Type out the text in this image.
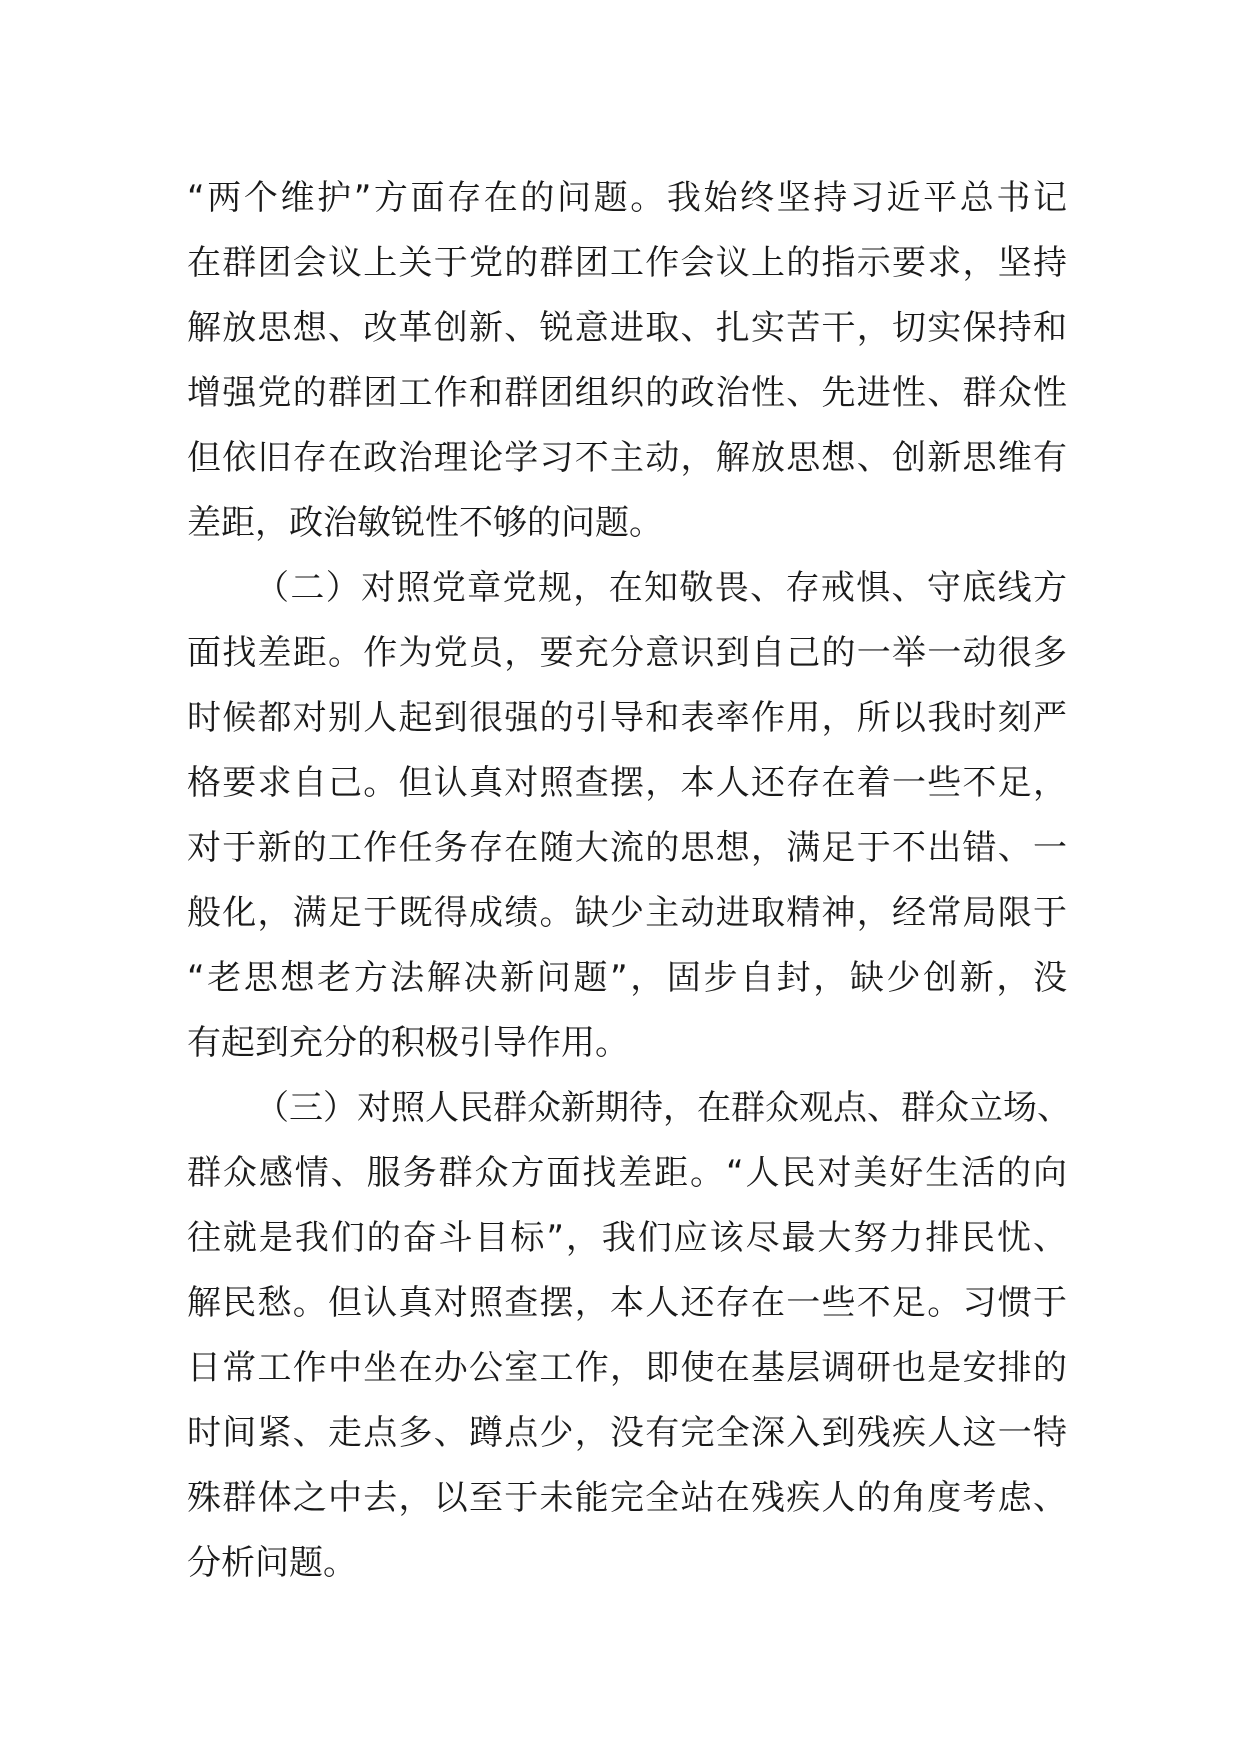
“两个维护”方面存在的问题。我始终坚持习近平总书记
在群团会议上关于党的群团工作会议上的指示要求，坚持
解放思想、改革创新、锐意进取、扎实苦干，切实保持和
增强党的群团工作和群团组织的政治性、先进性、群众性
但依旧存在政治理论学习不主动，解放思想、创新思维有
差距，政治敏锐性不够的问题。
（二）对照党章党规，在知敬畏、存戒惧、守底线方
面找差距。作为党员，要充分意识到自己的一举一动很多
时候都对别人起到很强的引导和表率作用，所以我时刻严
格要求自己。但认真对照查摆，本人还存在着一些不足，
对于新的工作任务存在随大流的思想，满足于不出错、一
般化，满足于既得成绩。缺少主动进取精神，经常局限于
“老思想老方法解决新问题”，固步自封，缺少创新，没
有起到充分的积极引导作用。
（三）对照人民群众新期待，在群众观点、群众立场、
群众感情、服务群众方面找差距。“人民对美好生活的向
往就是我们的奋斗目标”，我们应该尽最大努力排民忧、
解民愁。但认真对照查摆，本人还存在一些不足。习惯于
日常工作中坐在办公室工作，即使在基层调研也是安排的
时间紧、走点多、蹲点少，没有完全深入到残疾人这一特
殊群体之中去，以至于未能完全站在残疾人的角度考虑、
分析问题。
